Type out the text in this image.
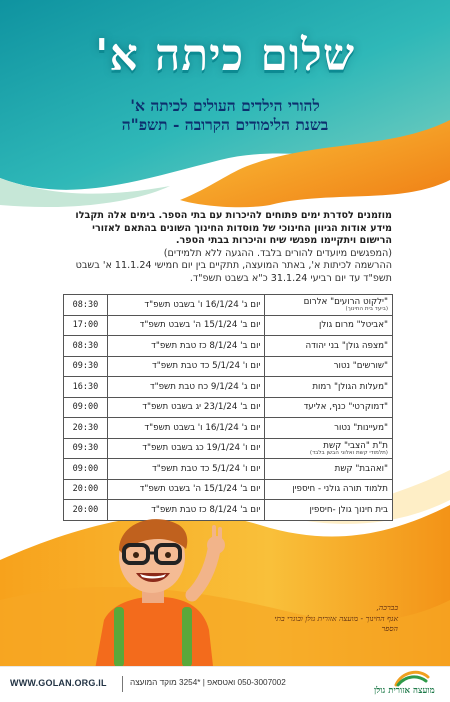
שלום כיתה א'
להורי הילדים העולים לכיתה א'
בשנת הלימודים הקרובה - תשפ"ה
מוזמנים לסדרת ימים פתוחים להיכרות עם בתי הספר. בימים אלה תקבלו מידע אודות הגיוון החינוכי של מוסדות החינוך השונים בהתאם לאזורי הרישום ויתקיימו מפגשי שיח והיכרות בבתי הספר.
(המפגשים מיועדים להורים בלבד. ההגעה ללא תלמידים)
ההרשמה לכיתות א', באתר המועצה, תתקיים בין יום חמישי 11.1.24 א' בשבט תשפ"ד עד יום רביעי 31.1.24 כ"א בשבט תשפ"ד.
"ילקוט הרועים" אלרום
(ביעד בית החינוך)	יום ג' 16/1/24 ו' בשבט תשפ"ד	08:30

"אביטל" מרום גולן	יום ב' 15/1/24 ה' בשבט תשפ"ד	17:00

"מצפה גולן" בני יהודה	יום ב' 8/1/24 כז טבת תשפ"ד	08:30

"שורשים" נטור	יום ו' 5/1/24 כד טבת תשפ"ד	09:30

"מעלות הגולן" רמות	יום ג' 9/1/24 כח טבת תשפ"ד	16:30

"דמוקרטי" כנף, אליעד	יום ב' 23/1/24 יג בשבט תשפ"ד	09:00

"מעיינות" נטור	יום ג' 16/1/24 ו' בשבט תשפ"ד	20:30

ת"ת "הצבי" קשת
(תלמודי קשת ואלוני הבשן בלבד)	יום ו' 19/1/24 כג בשבט תשפ"ד	09:30

"ואהבת" קשת	יום ו' 5/1/24 כד טבת תשפ"ד	09:00

תלמוד תורה גולני - חיספין	יום ב' 15/1/24 ה' בשבט תשפ"ד	20:00

בית חינוך גולן -חיספין	יום ב' 8/1/24 כז טבת תשפ"ד	20:00
בברכה,
אגף החינוך - מועצה אזורית גולן ובוגרי בתי הספר
WWW.GOLAN.ORG.IL	050-3007002 ואטסאפ | *3254 מוקד המועצה
מועצה אזורית גולן
